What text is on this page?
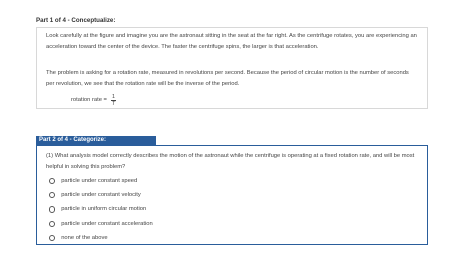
Part 1 of 4 - Conceptualize:

Look carefully at the figure and imagine you are the astronaut sitting in the seat at the far right. As the centrifuge rotates, you are experiencing an acceleration toward the center of the device. The faster the centrifuge spins, the larger is that acceleration.

The problem is asking for a rotation rate, measured in revolutions per second. Because the period of circular motion is the number of seconds per revolution, we see that the rotation rate will be the inverse of the period.

rotation rate = $\frac{1}{T}$
Part 2 of 4 - Categorize:

(1) What analysis model correctly describes the motion of the astronaut while the centrifuge is operating at a fixed rotation rate, and will be most helpful in solving this problem?

particle under constant speed
particle under constant velocity
particle in uniform circular motion
particle under constant acceleration
none of the above
